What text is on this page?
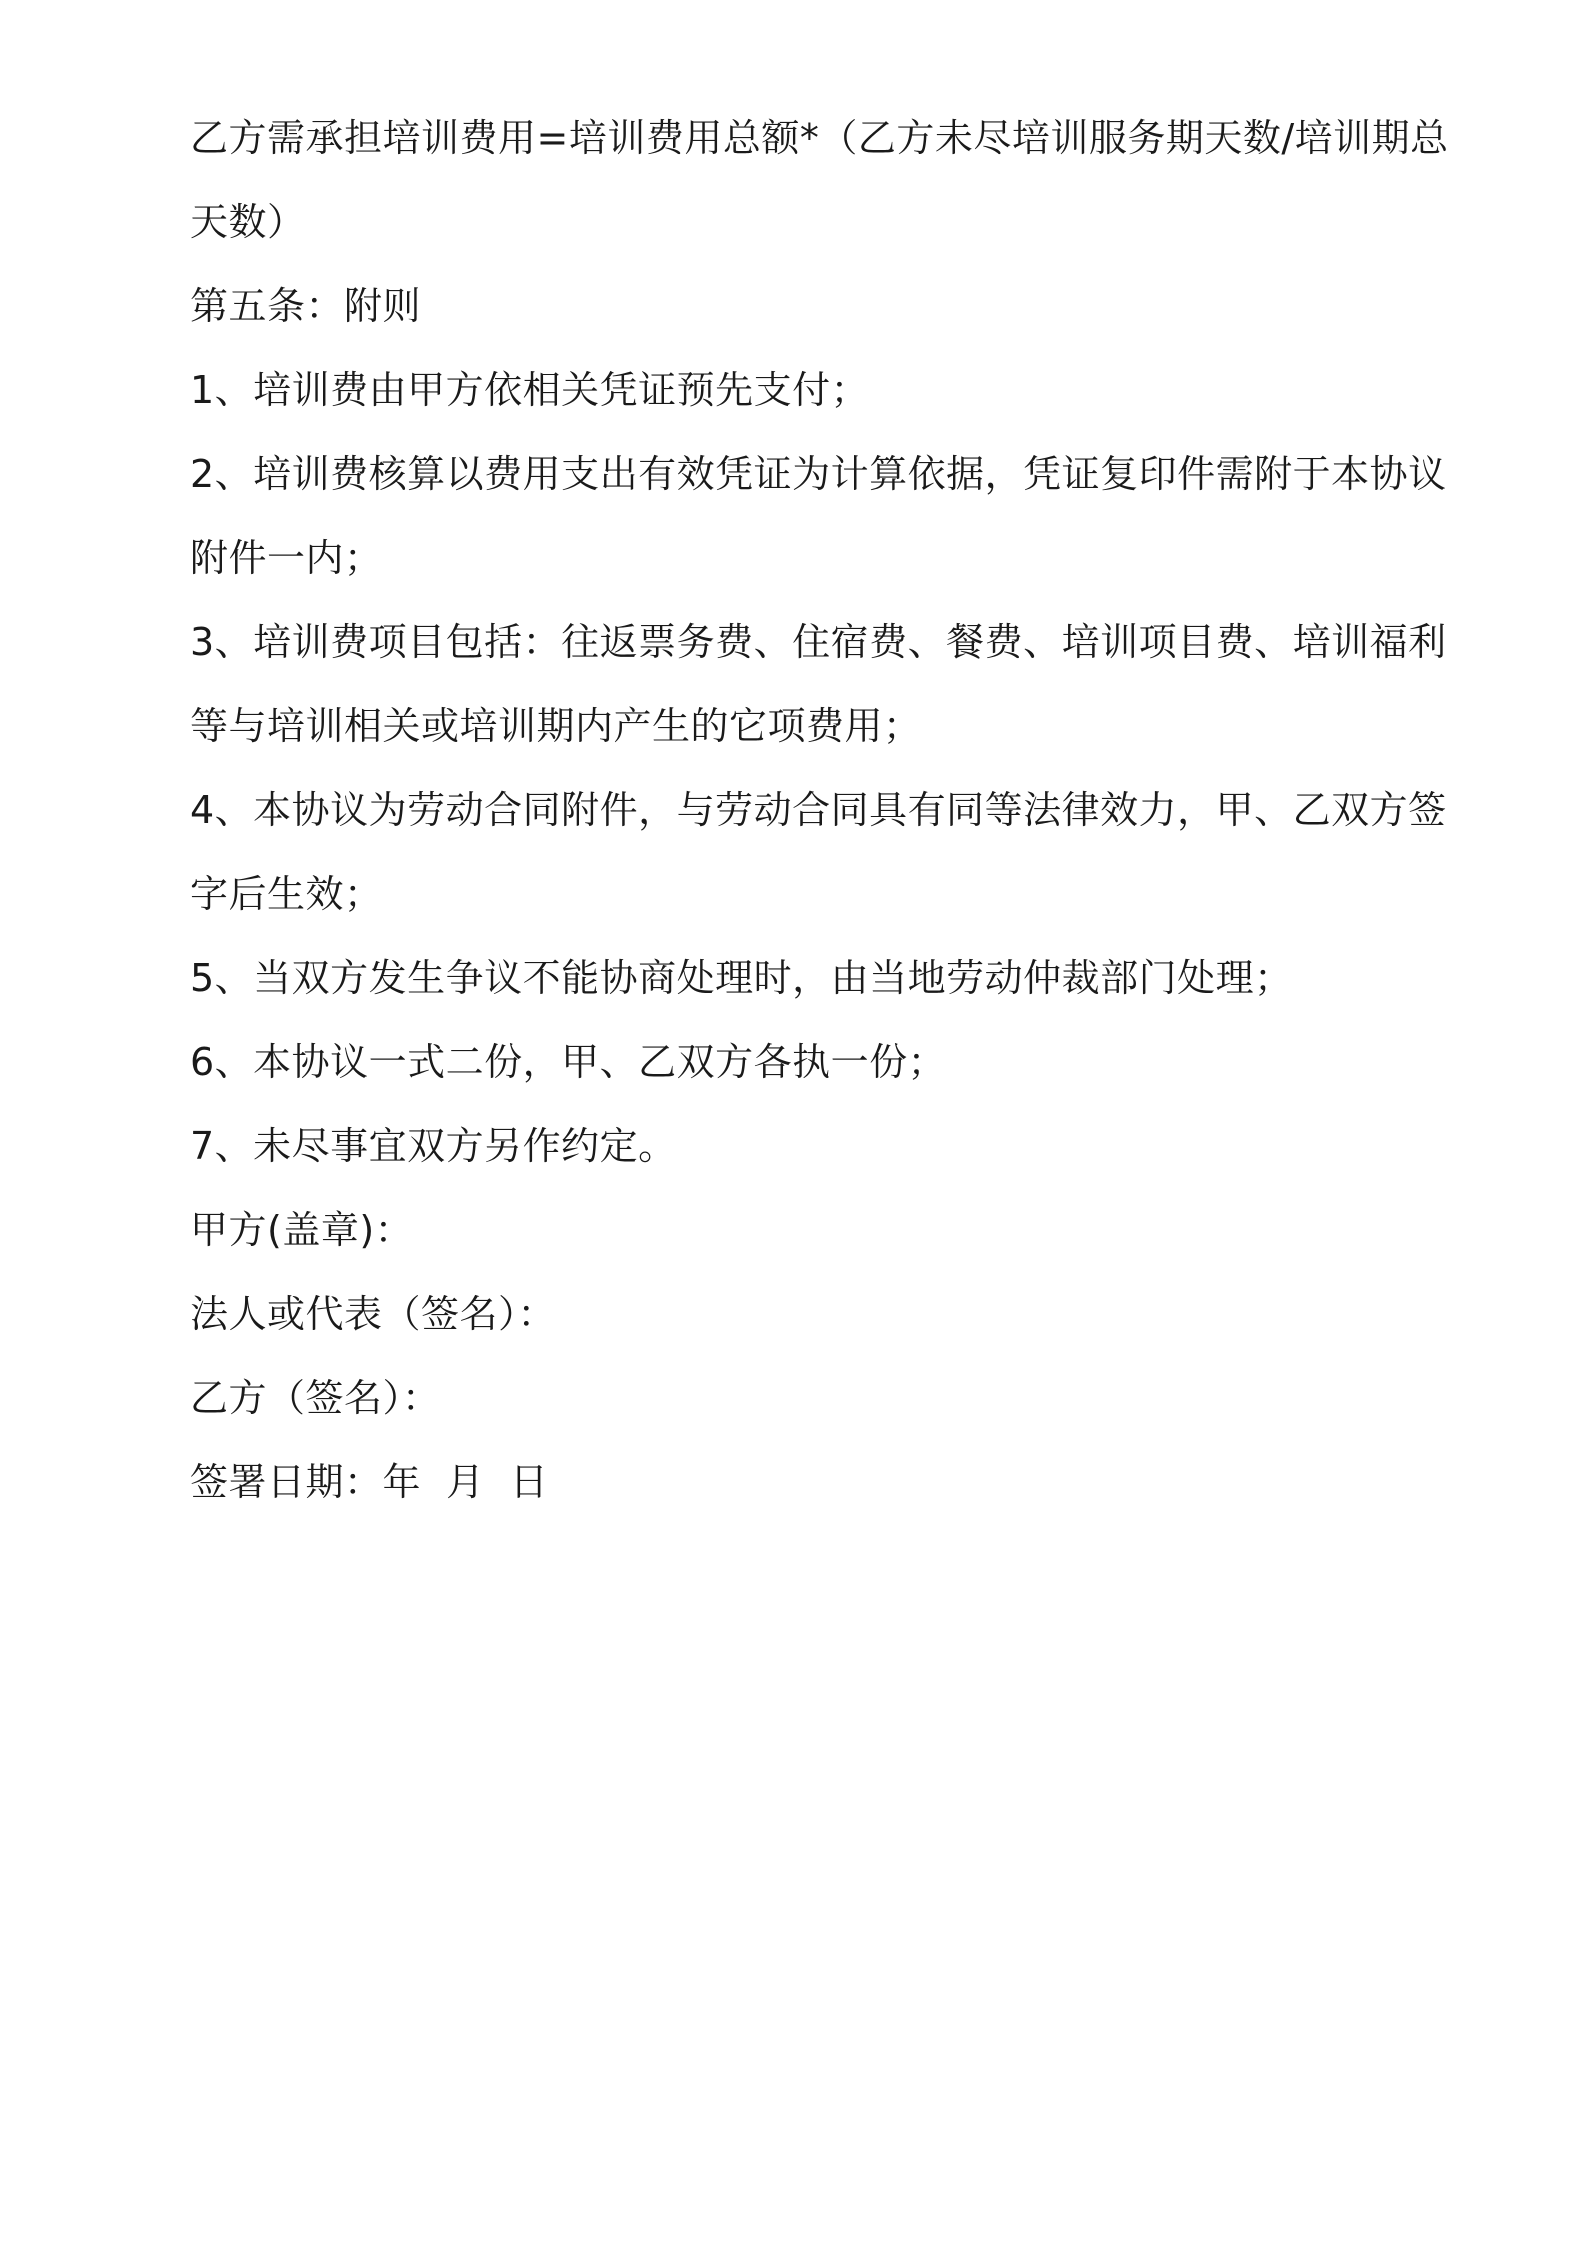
乙方需承担培训费用=培训费用总额*（乙方未尽培训服务期天数/培训期总
天数）
第五条：附则
1、培训费由甲方依相关凭证预先支付；
2、培训费核算以费用支出有效凭证为计算依据，凭证复印件需附于本协议
附件一内；
3、培训费项目包括：往返票务费、住宿费、餐费、培训项目费、培训福利
等与培训相关或培训期内产生的它项费用；
4、本协议为劳动合同附件，与劳动合同具有同等法律效力，甲、乙双方签
字后生效；
5、当双方发生争议不能协商处理时，由当地劳动仲裁部门处理；
6、本协议一式二份，甲、乙双方各执一份；
7、未尽事宜双方另作约定。
甲方(盖章)：
法人或代表（签名）：
乙方（签名）：
签署日期：年  月  日
